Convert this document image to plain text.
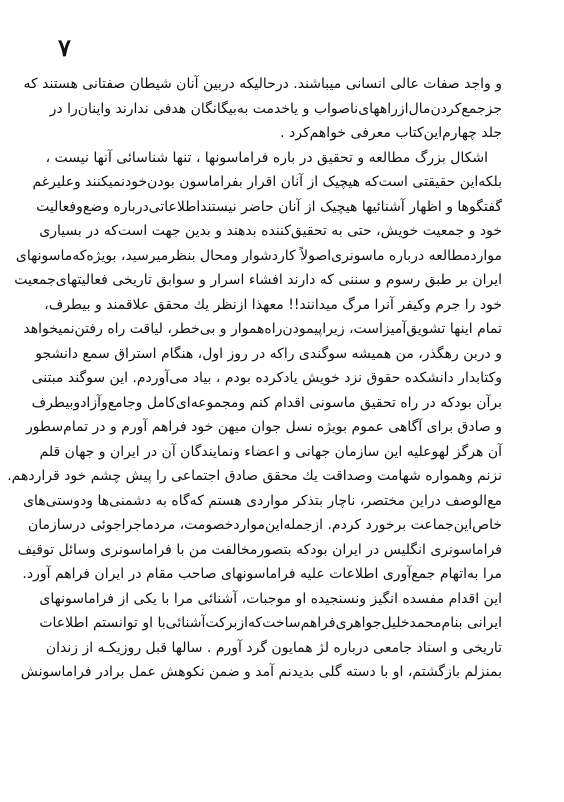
۷
و واجد صفات عالی انسانی میباشند. درحالیکه دربین آنان شیطان صفتانی هستند که
جزجمع‌کردن‌مال‌ازراههای‌ناصواب و یاخدمت به‌بیگانگان هدفی ندارند واینان‌را در
جلد چهارم‌این‌کتاب معرفی خواهم‌کرد .
اشکال بزرگ مطالعه و تحقیق در باره فراماسونها ، تنها شناسائی آنها نیست ،
بلکه‌این حقیقتی است‌که هیچیک از آنان اقرار بفراماسون بودن‌خودنمیکنند وعلیرغم
گفتگوها و اظهار آشنائیها هیچیک از آنان حاضر نیستنداطلاعاتی‌درباره وضع‌وفعالیت
خود و جمعیت خویش، حتی به تحقیق‌کننده بدهند و بدین جهت است‌که در بسیاری
مواردمطالعه درباره ماسونری‌اصولاً کاردشوار ومحال بنظرمیرسید، بویژه‌که‌ماسونهای
ایران بر طبق رسوم و سننی که دارند افشاء اسرار و سوابق تاریخی فعالیتهای‌جمعیت
خود را جرم وکیفر آنرا مرگ میدانند!! معهذا ازنظر یك محقق علاقمند و بیطرف،
تمام اینها تشویق‌آمیزاست، زیراپیمودن‌راه‌هموار و بی‌خطر، لیاقت راه رفتن‌نمیخواهد
و دربن رهگذر، من همیشه سوگندی راکه در روز اول، هنگام استراق سمع دانشجو
وکتابدار دانشکده حقوق نزد خویش یادکرده بودم ، بیاد می‌آوردم. این سوگند مبتنی
بر‌آن بودکه در راه تحقیق ماسونی اقدام کنم ومجموعه‌ای‌کامل وجامع‌وآزادوبیطرف
و صادق برای آگاهی عموم بویژه نسل جوان میهن خود فراهم آورم و در تمام‌سطور
آن هرگز لهوعلیه این سازمان جهانی و اعضاء ونمایندگان آن در ایران و جهان قلم
نزنم وهمواره شهامت وصداقت یك محقق صادق اجتماعی را پیش چشم خود قراردهم.
مع‌الوصف دراین مختصر، ناچار بتذکر مواردی هستم که‌گاه به دشمنی‌ها ودوستی‌های
خاص‌این‌جماعت برخورد کردم. ازجمله‌این‌مواردخصومت، مردماجراجوئی درسازمان
فراماسونری انگلیس در ایران بودکه بتصورمخالفت من با فراماسونری وسائل توقیف
مرا به‌اتهام جمع‌آوری اطلاعات علیه فراماسونهای صاحب مقام در ایران فراهم آورد.
این اقدام مفسده انگیز ونسنجیده او موجبات، آشنائی مرا با یکی از فراماسونهای
ایرانی بنام‌محمدخلیل‌جواهری‌فراهم‌ساخت‌که‌ازبرکت‌آشنائی‌با او توانستم اطلاعات
تاریخی و اسناد جامعی درباره لژ همایون گرد آورم . سالها قبل روزیکـه از زندان
بمنزلم بازگشتم، او با دسته گلی بدیدنم آمد و ضمن نکوهش عمل برادر فراماسونش
